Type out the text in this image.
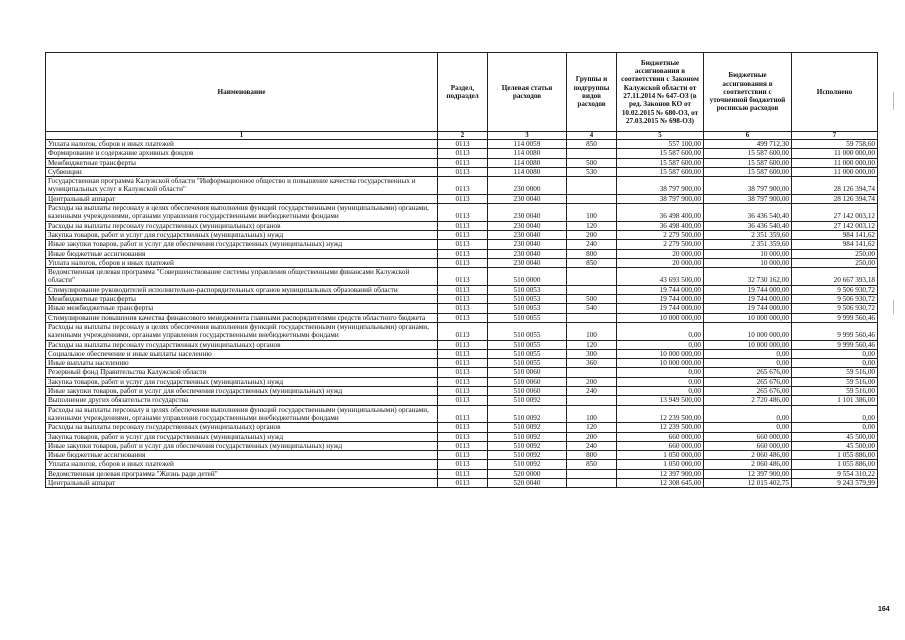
Наименование	Раздел, подраздел	Целевая статья расходов	Группы и подгруппы видов расходов	Бюджетные ассигнования в соответствии с Законом Калужской области от 27.11.2014 № 647-ОЗ (в ред. Законов КО от 10.02.2015 № 680-ОЗ, от 27.03.2015 № 698-ОЗ)	Бюджетные ассигнования в соответствии с уточненной бюджетной росписью расходов	Исполнено
1	2	3	4	5	6	7
Уплата налогов, сборов и иных платежей	0113	114 0059	850	557 100,00	499 712,30	59 758,60
Формирование и содержание архивных фондов	0113	114 0080		15 587 600,00	15 587 600,00	11 000 000,00
Межбюджетные трансферты	0113	114 0080	500	15 587 600,00	15 587 600,00	11 000 000,00
Субвенции	0113	114 0080	530	15 587 600,00	15 587 600,00	11 000 000,00
Государственная программа Калужской области "Информационное общество и повышение качества государственных и муниципальных услуг в Калужской области"	0113	230 0000		38 797 900,00	38 797 900,00	28 126 394,74
Центральный аппарат	0113	230 0040		38 797 900,00	38 797 900,00	28 126 394,74
Расходы на выплаты персоналу в целях обеспечения выполнения функций государственными (муниципальными) органами, казенными учреждениями, органами управления государственными внебюджетными фондами	0113	230 0040	100	36 498 400,00	36 436 540,40	27 142 003,12
Расходы на выплаты персоналу государственных (муниципальных) органов	0113	230 0040	120	36 498 400,00	36 436 540,40	27 142 003,12
Закупка товаров, работ и услуг для государственных (муниципальных) нужд	0113	230 0040	200	2 279 500,00	2 351 359,60	984 141,62
Иные закупки товаров, работ и услуг для обеспечения государственных (муниципальных) нужд	0113	230 0040	240	2 279 500,00	2 351 359,60	984 141,62
Иные бюджетные ассигнования	0113	230 0040	800	20 000,00	10 000,00	250,00
Уплата налогов, сборов и иных платежей	0113	230 0040	850	20 000,00	10 000,00	250,00
Ведомственная целевая программа "Совершенствование системы управления общественными финансами Калужской области"	0113	510 0000		43 693 500,00	32 730 162,00	20 667 393,18
Стимулирование руководителей исполнительно-распорядительных органов муниципальных образований области	0113	510 0053		19 744 000,00	19 744 000,00	9 506 930,72
Межбюджетные трансферты	0113	510 0053	500	19 744 000,00	19 744 000,00	9 506 930,72
Иные межбюджетные трансферты	0113	510 0053	540	19 744 000,00	19 744 000,00	9 506 930,72
Стимулирование повышения качества финансового менеджмента главными распорядителями средств областного бюджета	0113	510 0055		10 000 000,00	10 000 000,00	9 999 560,46
Расходы на выплаты персоналу в целях обеспечения выполнения функций государственными (муниципальными) органами, казенными учреждениями, органами управления государственными внебюджетными фондами	0113	510 0055	100	0,00	10 000 000,00	9 999 560,46
Расходы на выплаты персоналу государственных (муниципальных) органов	0113	510 0055	120	0,00	10 000 000,00	9 999 560,46
Социальное обеспечение и иные выплаты населению	0113	510 0055	300	10 000 000,00	0,00	0,00
Иные выплаты населению	0113	510 0055	360	10 000 000,00	0,00	0,00
Резервный фонд Правительства Калужской области	0113	510 0060		0,00	265 676,00	59 516,00
Закупка товаров, работ и услуг для государственных (муниципальных) нужд	0113	510 0060	200	0,00	265 676,00	59 516,00
Иные закупки товаров, работ и услуг для обеспечения государственных (муниципальных) нужд	0113	510 0060	240	0,00	265 676,00	59 516,00
Выполнение других обязательств государства	0113	510 0092		13 949 500,00	2 720 486,00	1 101 386,00
Расходы на выплаты персоналу в целях обеспечения выполнения функций государственными (муниципальными) органами, казенными учреждениями, органами управления государственными внебюджетными фондами	0113	510 0092	100	12 239 500,00	0,00	0,00
Расходы на выплаты персоналу государственных (муниципальных) органов	0113	510 0092	120	12 239 500,00	0,00	0,00
Закупка товаров, работ и услуг для государственных (муниципальных) нужд	0113	510 0092	200	660 000,00	660 000,00	45 500,00
Иные закупки товаров, работ и услуг для обеспечения государственных (муниципальных) нужд	0113	510 0092	240	660 000,00	660 000,00	45 500,00
Иные бюджетные ассигнования	0113	510 0092	800	1 050 000,00	2 060 486,00	1 055 886,00
Уплата налогов, сборов и иных платежей	0113	510 0092	850	1 050 000,00	2 060 486,00	1 055 886,00
Ведомственная целевая программа "Жизнь ради детей"	0113	520 0000		12 397 900,00	12 397 900,00	9 554 310,22
Центральный аппарат	0113	520 0040		12 308 645,00	12 015 402,75	9 243 579,99
164
